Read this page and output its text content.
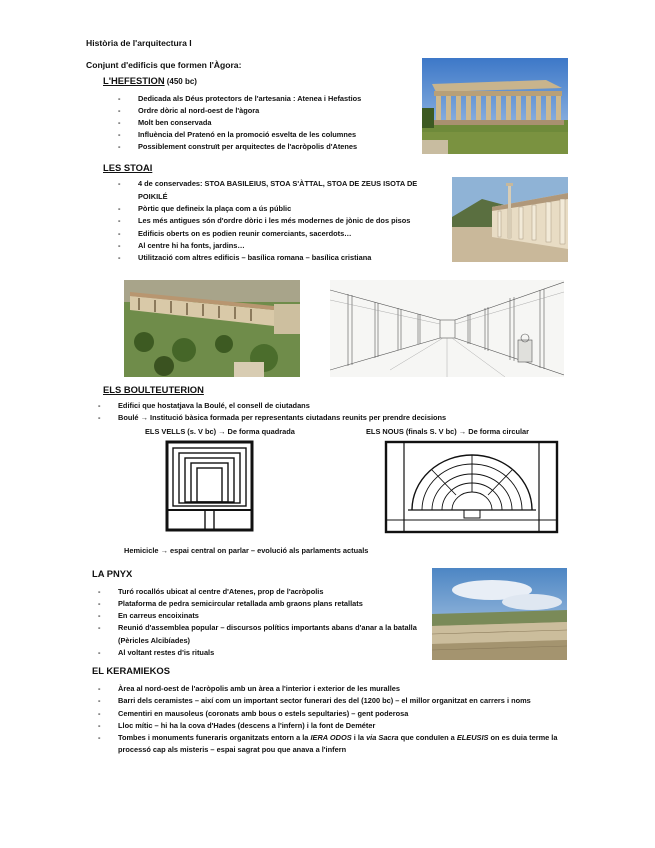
Història de l'arquitectura I
Conjunt d'edificis que formen l'Àgora:
L'HEFESTION (450 bc)
- Dedicada als Déus protectors de l'artesania : Atenea i Hefastios
- Ordre dòric al nord-oest de l'àgora
- Molt ben conservada
- Influència del Pratenó en la promoció esvelta de les columnes
- Possiblement construït per arquitectes de l'acròpolis d'Atenes
LES STOAI
- 4 de conservades: STOA BASILEIUS, STOA S'ÀTTAL, STOA DE ZEUS ISOTA DE POIKILÉ
- Pòrtic que defineix la plaça com a ús públic
- Les més antigues són d'ordre dòric i les més modernes de jònic de dos pisos
- Edificis oberts on es podien reunir comerciants, sacerdots…
- Al centre hi ha fonts, jardins…
- Utilització com altres edificis – basílica romana – basílica cristiana
ELS BOULTEUTERION
- Edifici que hostatjava la Boulé, el consell de ciutadans
- Boulé → Institució bàsica formada per representants ciutadans reunits per prendre decisions
ELS VELLS (s. V bc) → De forma quadrada	ELS NOUS (finals S. V bc) → De forma circular
Hemicicle → espai central on parlar – evolució als parlaments actuals
LA PNYX
- Turó rocallós ubicat al centre d'Atenes, prop de l'acròpolis
- Plataforma de pedra semicircular retallada amb graons plans retallats
- En carreus encoixinats
- Reunió d'assemblea popular – discursos polítics importants abans d'anar a la batalla (Pèricles Alcibíades)
- Al voltant restes d'is rituals
EL KERAMIEKOS
- Àrea al nord-oest de l'acròpolis amb un àrea a l'interior i exterior de les muralles
- Barri dels ceramistes – així com un important sector funerari des del (1200 bc) – el millor organitzat en carrers i noms
- Cementiri en mausoleus (coronats amb bous o estels sepultaries) – gent poderosa
- Lloc mític – hi ha la cova d'Hades (descens a l'infern) i la font de Deméter
- Tombes i monuments funeraris organitzats entorn a la IERA ODOS i la via Sacra que conduïen a ELEUSIS on es duia terme la processó cap als misteris – espai sagrat pou que anava a l'infern
